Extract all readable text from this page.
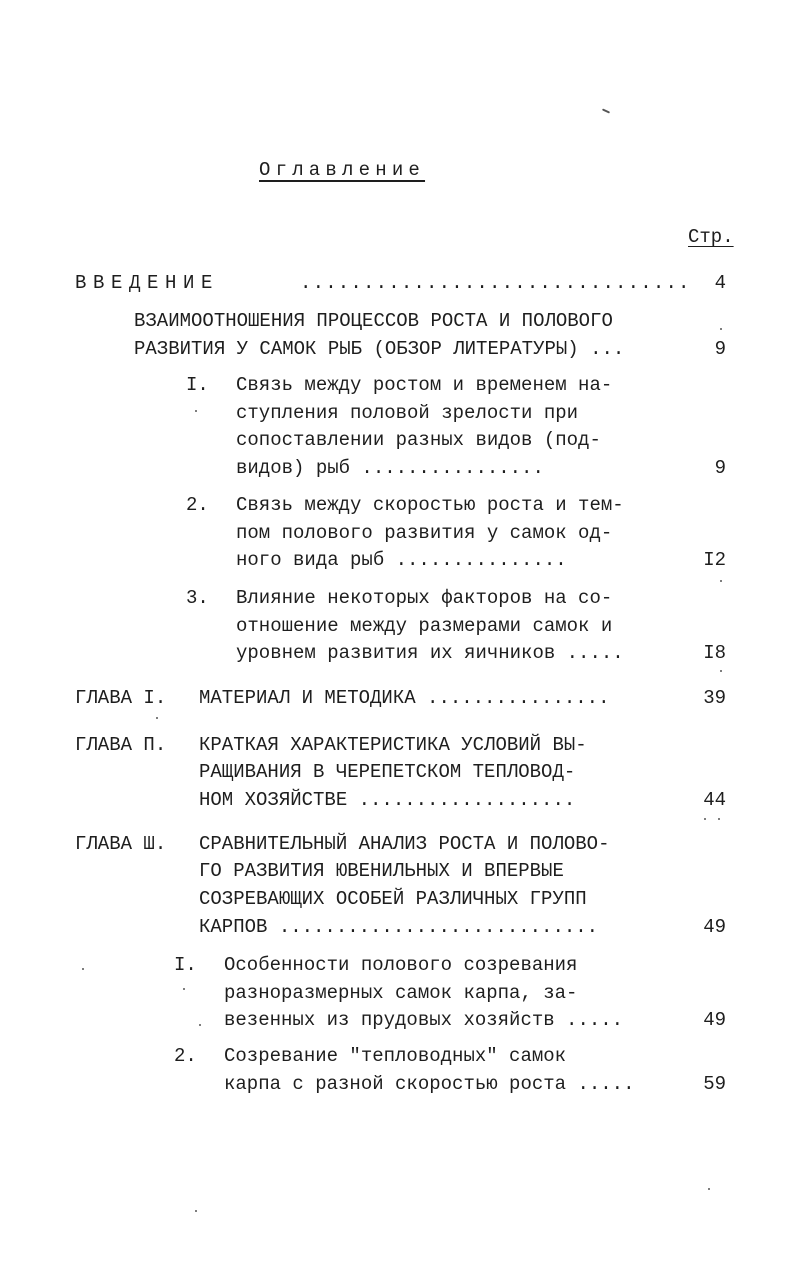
Оглавление
Стр.
ВВЕДЕНИЕ	............................... 4
ВЗАИМООТНОШЕНИЯ ПРОЦЕССОВ РОСТА И ПОЛОВОГО
РАЗВИТИЯ У САМОК РЫБ (ОБЗОР ЛИТЕРАТУРЫ) ...	9
I. Связь между ростом и временем на-
ступления половой зрелости при
сопоставлении разных видов (под-
видов) рыб ................	9
2. Связь между скоростью роста и тем-
пом полового развития у самок од-
ного вида рыб ...............	I2
3. Влияние некоторых факторов на со-
отношение между размерами самок и
уровнем развития их яичников .....	I8
ГЛАВА I. МАТЕРИАЛ И МЕТОДИКА ................	39
ГЛАВА П. КРАТКАЯ ХАРАКТЕРИСТИКА УСЛОВИЙ ВЫ-
РАЩИВАНИЯ В ЧЕРЕПЕТСКОМ ТЕПЛОВОД-
НОМ ХОЗЯЙСТВЕ ...................	44
ГЛАВА Ш. СРАВНИТЕЛЬНЫЙ АНАЛИЗ РОСТА И ПОЛОВО-
ГО РАЗВИТИЯ ЮВЕНИЛЬНЫХ И ВПЕРВЫЕ
СОЗРЕВАЮЩИХ ОСОБЕЙ РАЗЛИЧНЫХ ГРУПП
КАРПОВ ............................	49
I. Особенности полового созревания
разноразмерных самок карпа, за-
везенных из прудовых хозяйств .....	49
2. Созревание "тепловодных" самок
карпа с разной скоростью роста .....	59
